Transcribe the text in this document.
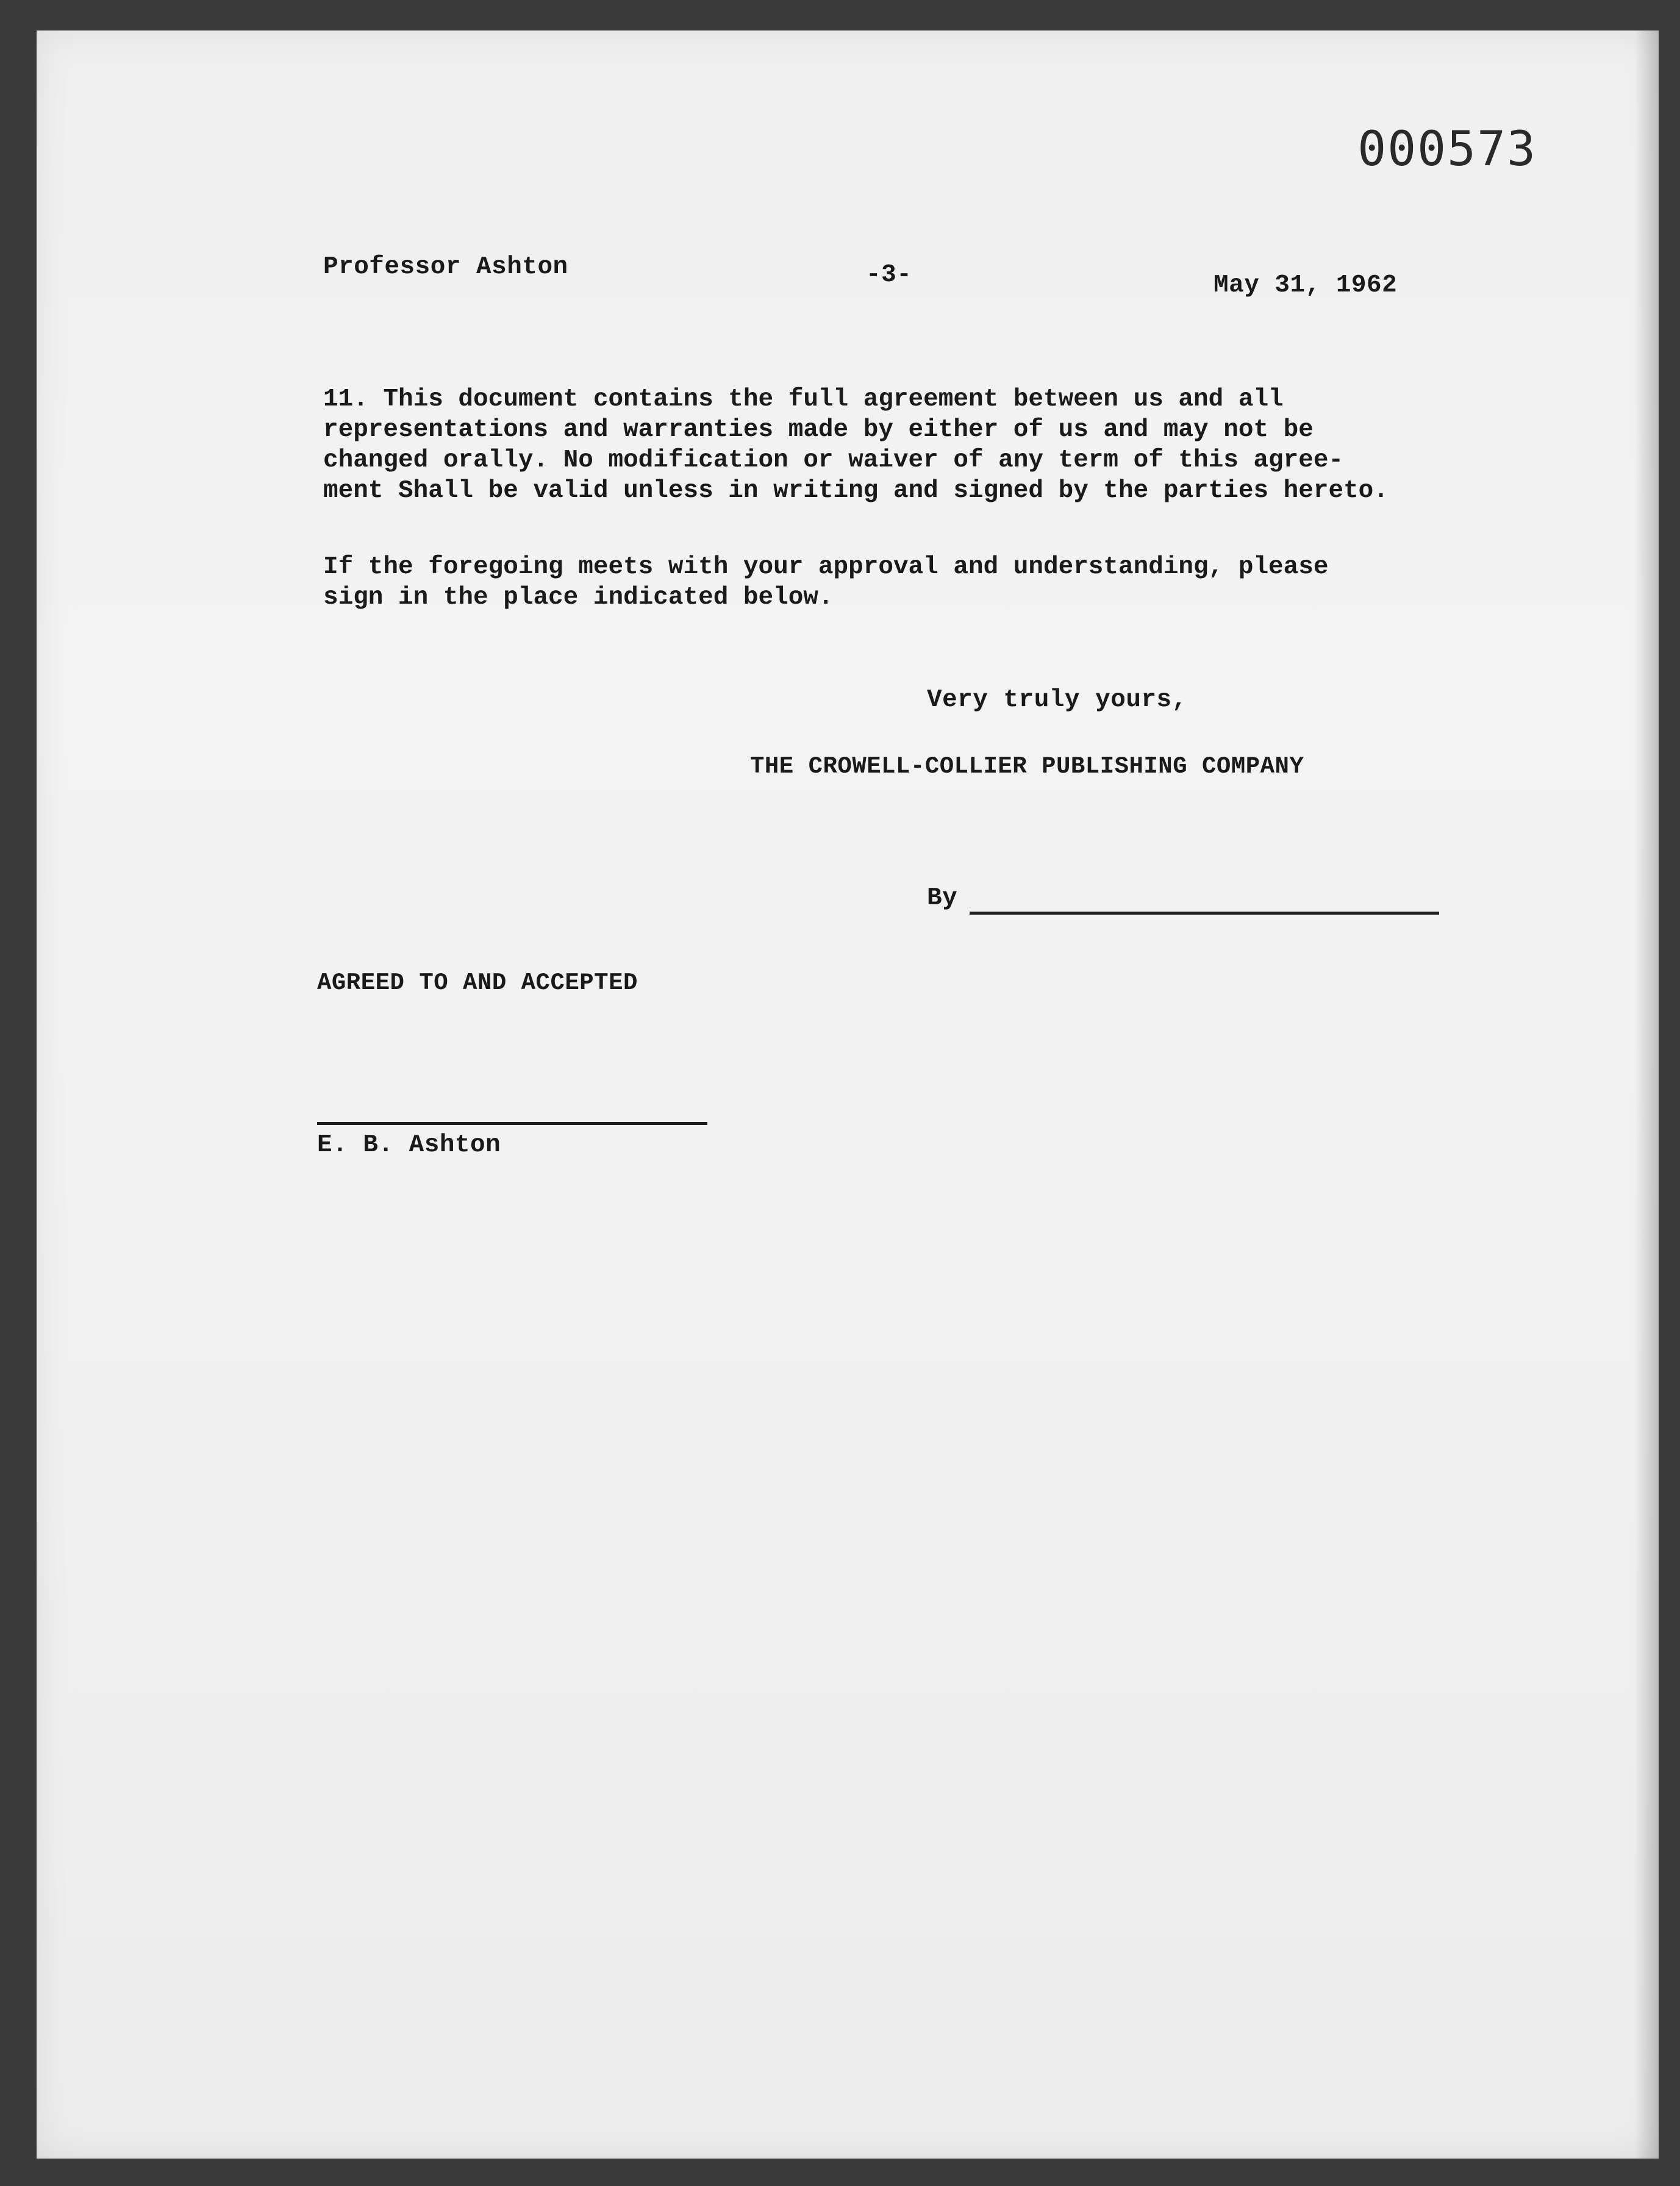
000573
Professor Ashton	-3-	May 31, 1962
11. This document contains the full agreement between us and all
representations and warranties made by either of us and may not be
changed orally. No modification or waiver of any term of this agree-
ment Shall be valid unless in writing and signed by the parties hereto.
If the foregoing meets with your approval and understanding, please
sign in the place indicated below.
Very truly yours,
THE CROWELL-COLLIER PUBLISHING COMPANY
By
AGREED TO AND ACCEPTED
E. B. Ashton
